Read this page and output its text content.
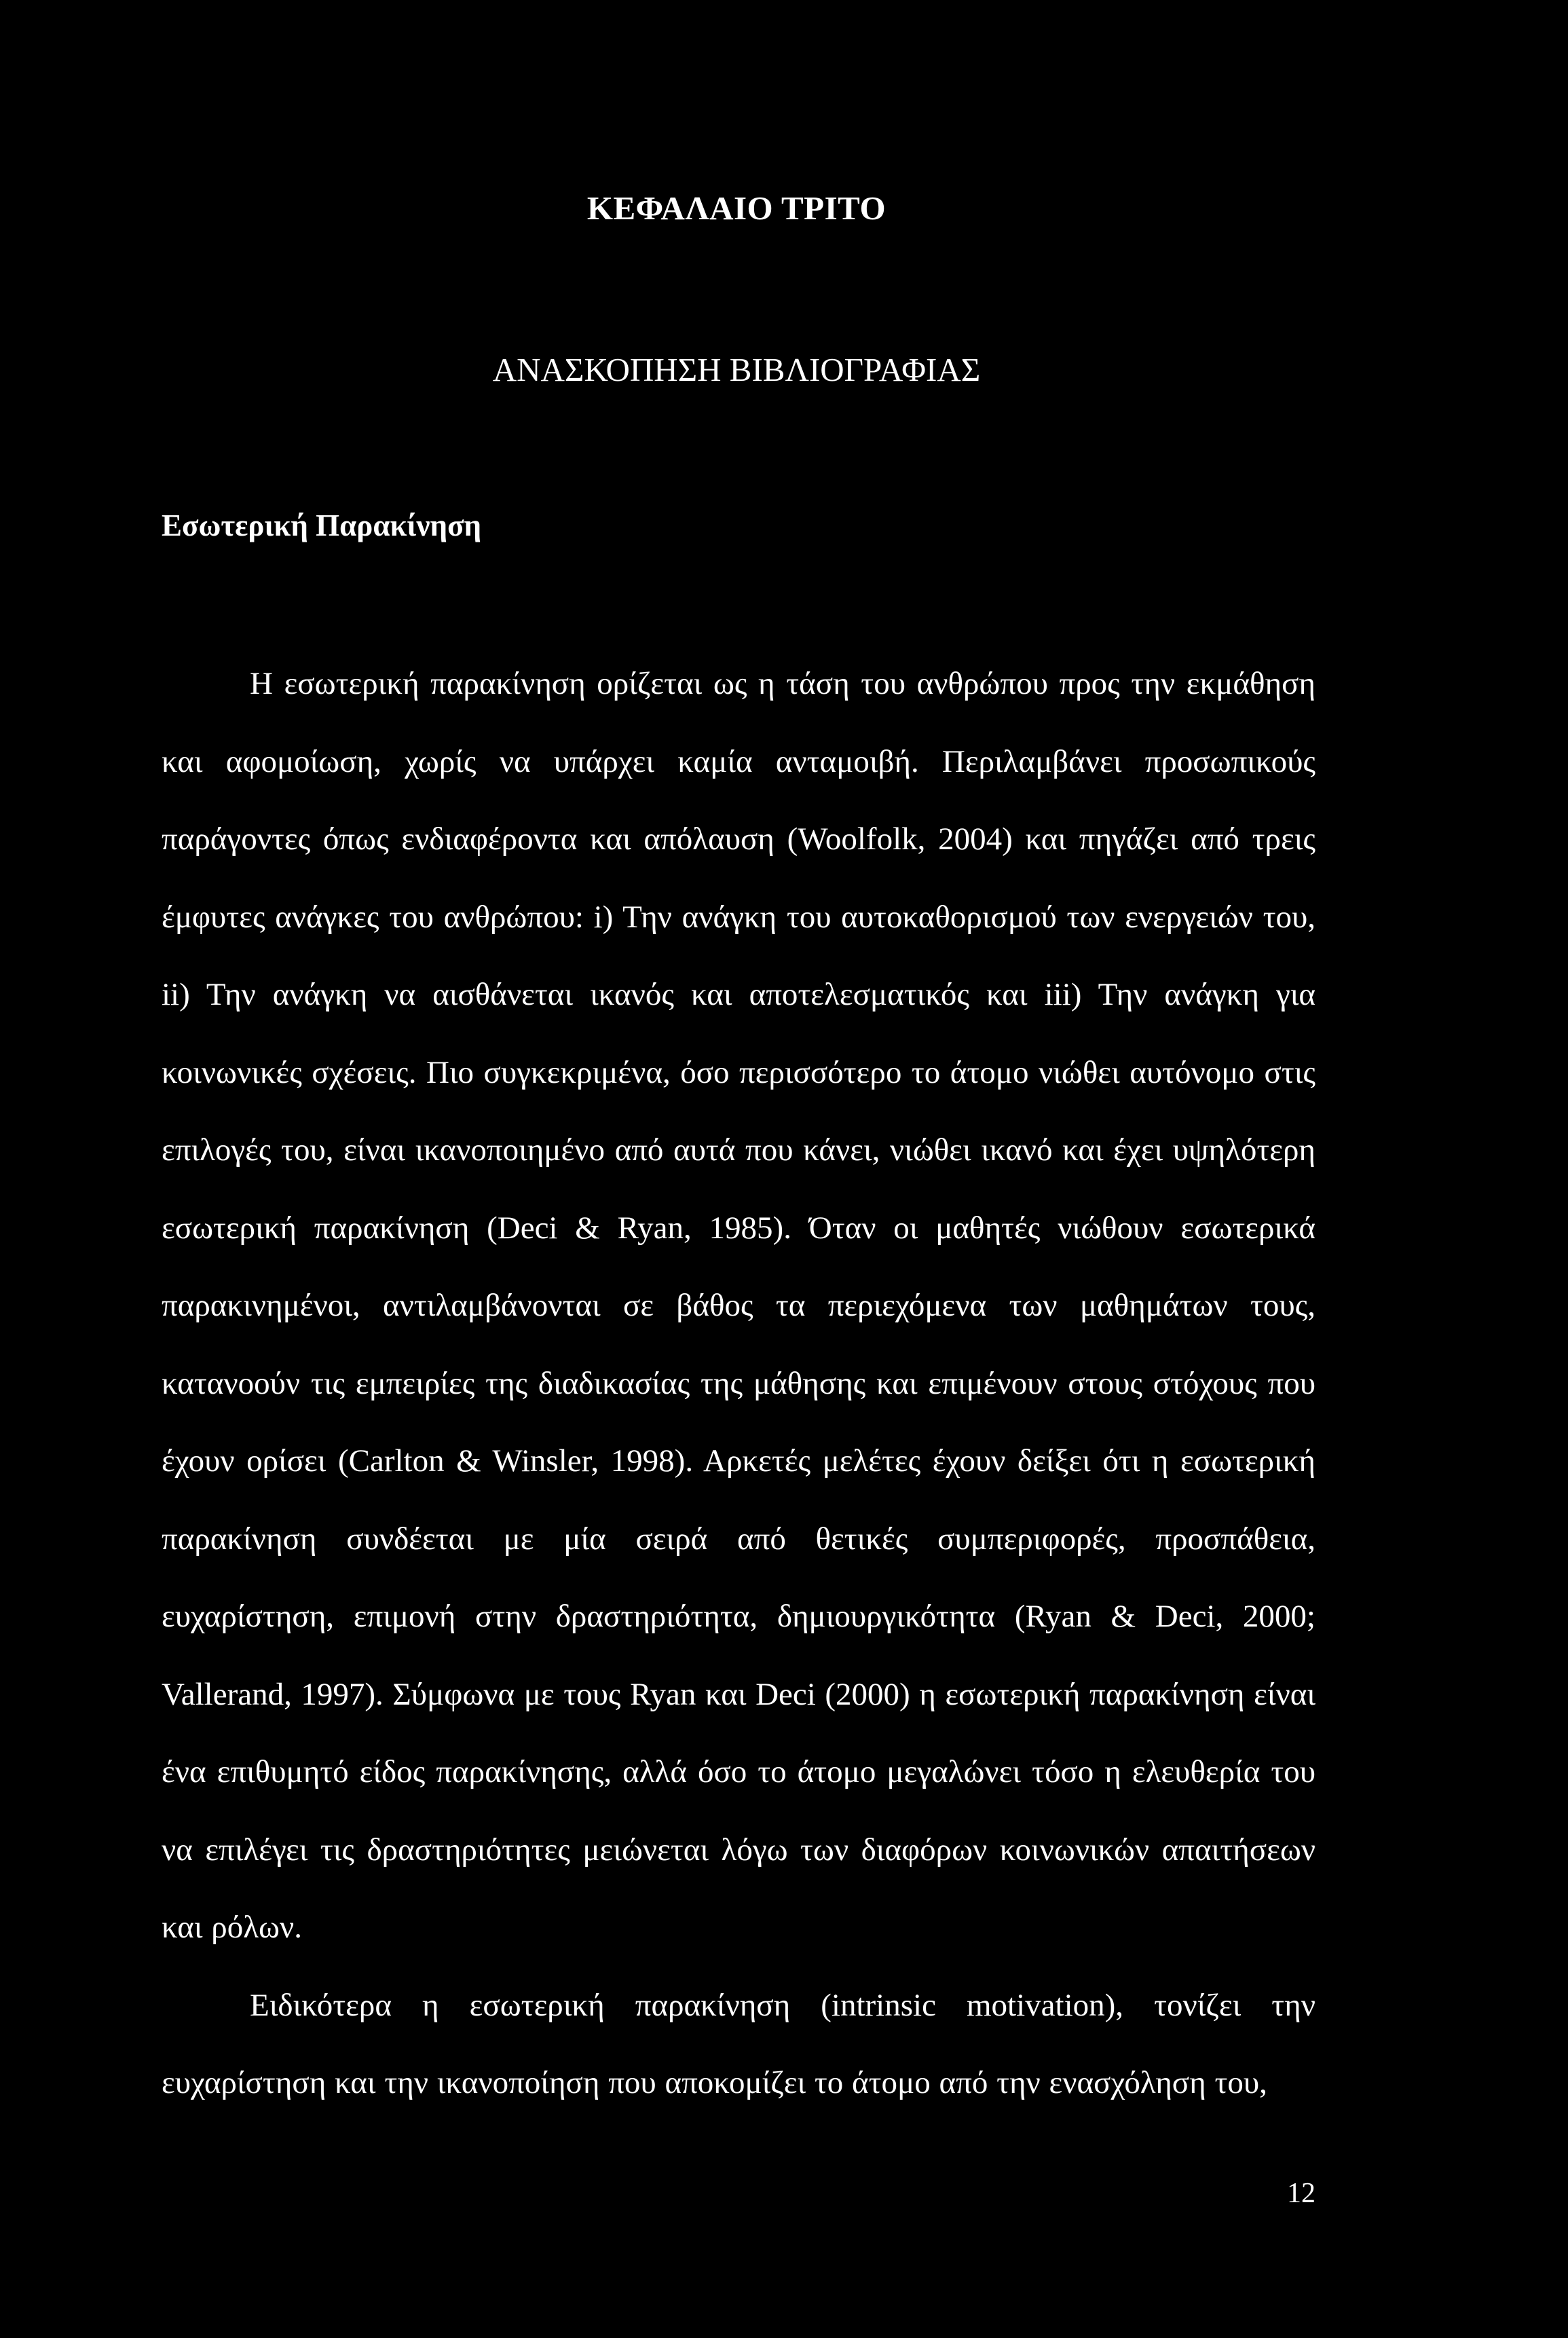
ΚΕΦΑΛΑΙΟ ΤΡΙΤΟ
ΑΝΑΣΚΟΠΗΣΗ ΒΙΒΛΙΟΓΡΑΦΙΑΣ
Εσωτερική Παρακίνηση

Η εσωτερική παρακίνηση ορίζεται ως η τάση του ανθρώπου προς την εκμάθηση και αφομοίωση, χωρίς να υπάρχει καμία ανταμοιβή. Περιλαμβάνει προσωπικούς παράγοντες όπως ενδιαφέροντα και απόλαυση (Woolfolk, 2004) και πηγάζει από τρεις έμφυτες ανάγκες του ανθρώπου: i) Την ανάγκη του αυτοκαθορισμού των ενεργειών του, ii) Την ανάγκη να αισθάνεται ικανός και αποτελεσματικός και iii) Την ανάγκη για κοινωνικές σχέσεις. Πιο συγκεκριμένα, όσο περισσότερο το άτομο νιώθει αυτόνομο στις επιλογές του, είναι ικανοποιημένο από αυτά που κάνει, νιώθει ικανό και έχει υψηλότερη εσωτερική παρακίνηση (Deci & Ryan, 1985). Όταν οι μαθητές νιώθουν εσωτερικά παρακινημένοι, αντιλαμβάνονται σε βάθος τα περιεχόμενα των μαθημάτων τους, κατανοούν τις εμπειρίες της διαδικασίας της μάθησης και επιμένουν στους στόχους που έχουν ορίσει (Carlton & Winsler, 1998). Αρκετές μελέτες έχουν δείξει ότι η εσωτερική παρακίνηση συνδέεται με μία σειρά από θετικές συμπεριφορές, προσπάθεια, ευχαρίστηση, επιμονή στην δραστηριότητα, δημιουργικότητα (Ryan & Deci, 2000; Vallerand, 1997). Σύμφωνα με τους Ryan και Deci (2000) η εσωτερική παρακίνηση είναι ένα επιθυμητό είδος παρακίνησης, αλλά όσο το άτομο μεγαλώνει τόσο η ελευθερία του να επιλέγει τις δραστηριότητες μειώνεται λόγω των διαφόρων κοινωνικών απαιτήσεων και ρόλων.

Ειδικότερα η εσωτερική παρακίνηση (intrinsic motivation), τονίζει την ευχαρίστηση και την ικανοποίηση που αποκομίζει το άτομο από την ενασχόληση του,

12
